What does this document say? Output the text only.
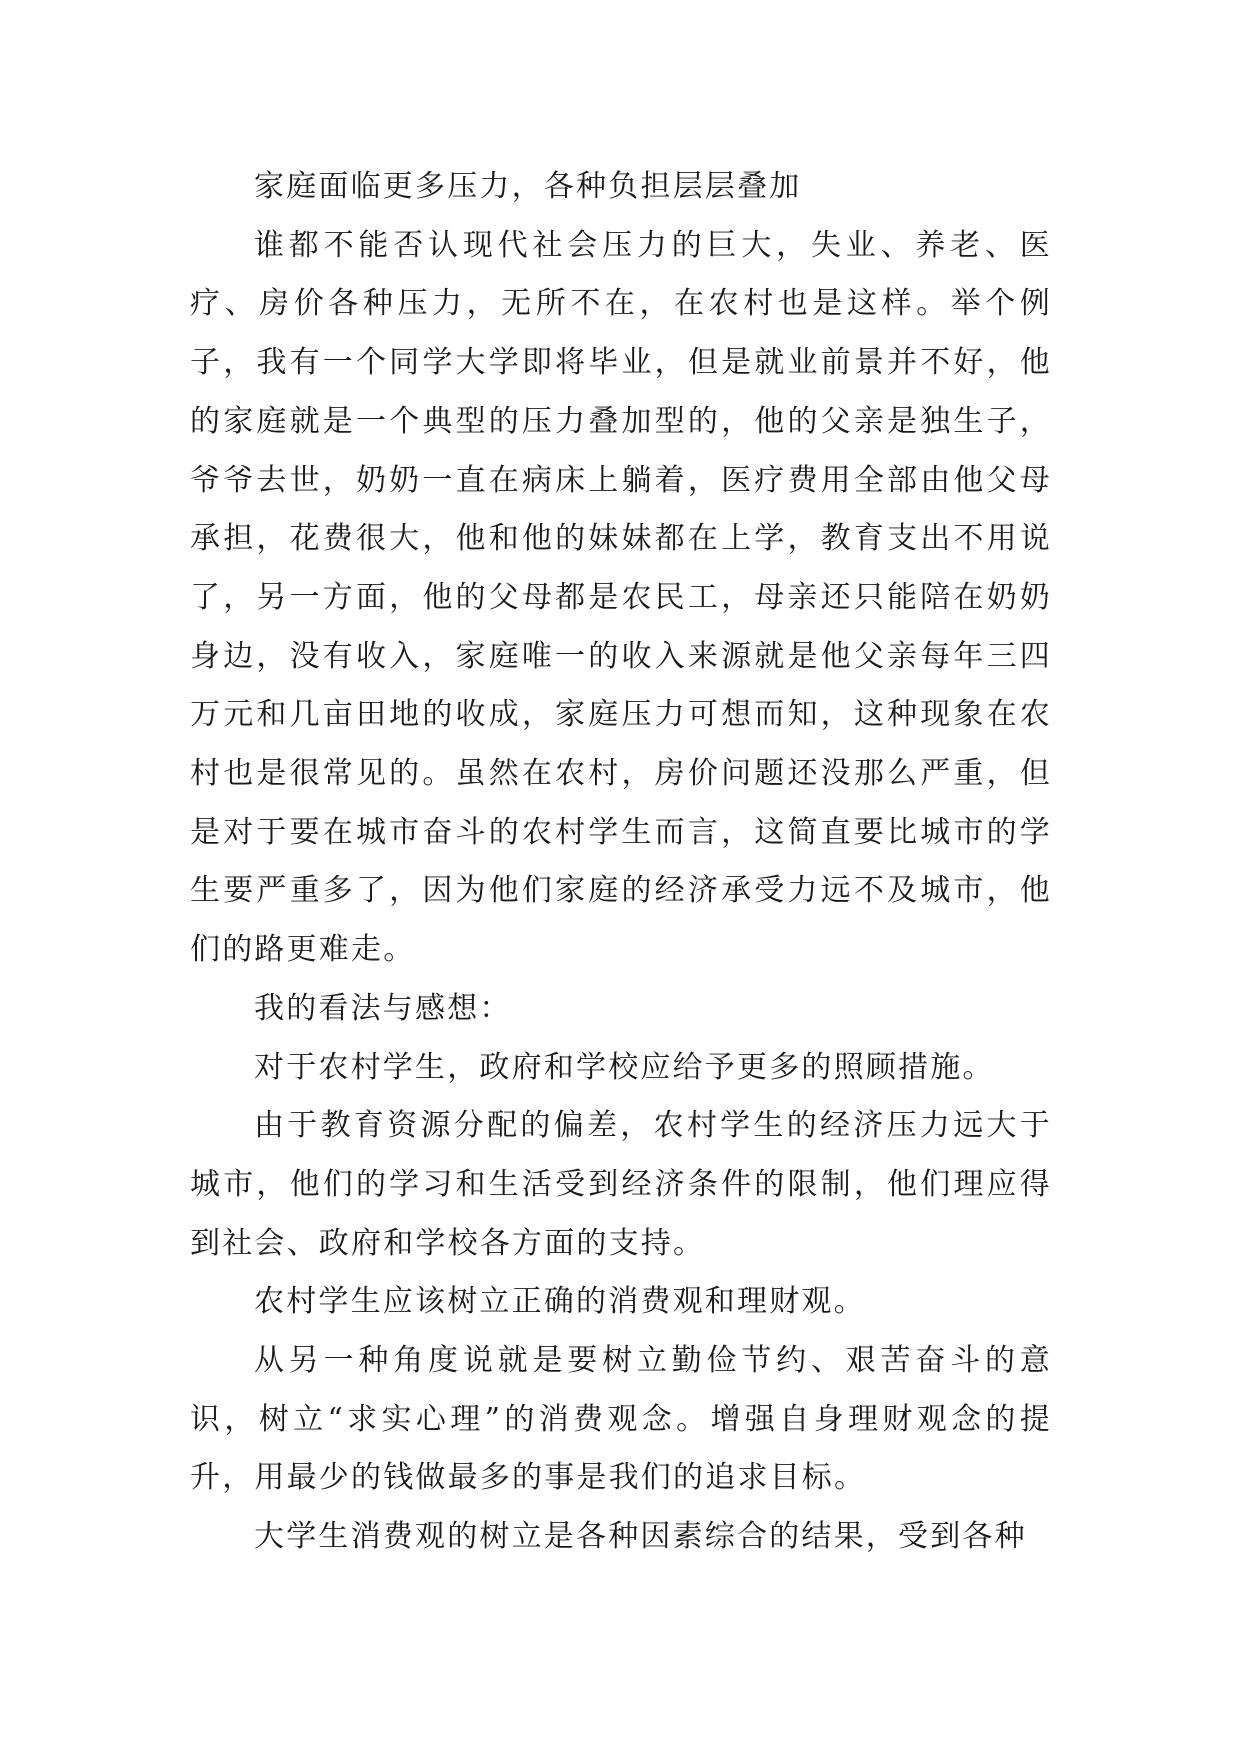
家庭面临更多压力，各种负担层层叠加

谁都不能否认现代社会压力的巨大，失业、养老、医疗、房价各种压力，无所不在，在农村也是这样。举个例子，我有一个同学大学即将毕业，但是就业前景并不好，他的家庭就是一个典型的压力叠加型的，他的父亲是独生子，爷爷去世，奶奶一直在病床上躺着，医疗费用全部由他父母承担，花费很大，他和他的妹妹都在上学，教育支出不用说了，另一方面，他的父母都是农民工，母亲还只能陪在奶奶身边，没有收入，家庭唯一的收入来源就是他父亲每年三四万元和几亩田地的收成，家庭压力可想而知，这种现象在农村也是很常见的。虽然在农村，房价问题还没那么严重，但是对于要在城市奋斗的农村学生而言，这简直要比城市的学生要严重多了，因为他们家庭的经济承受力远不及城市，他们的路更难走。

我的看法与感想：

对于农村学生，政府和学校应给予更多的照顾措施。

由于教育资源分配的偏差，农村学生的经济压力远大于城市，他们的学习和生活受到经济条件的限制，他们理应得到社会、政府和学校各方面的支持。

农村学生应该树立正确的消费观和理财观。

从另一种角度说就是要树立勤俭节约、艰苦奋斗的意识，树立“求实心理”的消费观念。增强自身理财观念的提升，用最少的钱做最多的事是我们的追求目标。

大学生消费观的树立是各种因素综合的结果，受到各种
